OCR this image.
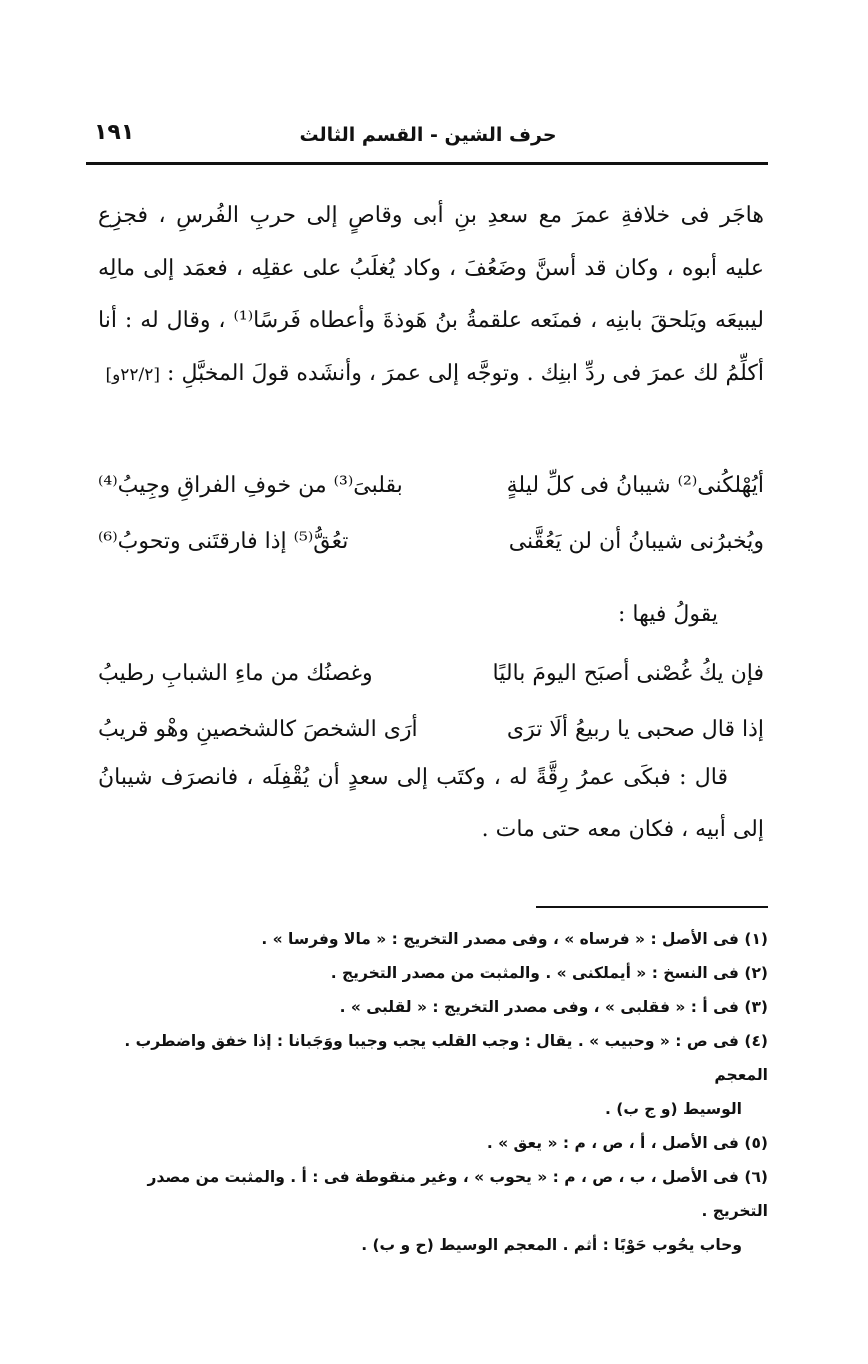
حرف الشين - القسم الثالث
١٩١

هاجَر فى خلافةِ عمرَ مع سعدِ بنِ أبى وقاصٍ إلى حربِ الفُرسِ ، فجزِع عليه أبوه ، وكان قد أسنَّ وضَعُفَ ، وكاد يُغلَبُ على عقلِه ، فعمَد إلى مالِه ليبيعَه ويَلحقَ بابنِه ، فمنَعه علقمةُ بنُ هَوذةَ وأعطاه فَرسًا⁽¹⁾ ، وقال له : أنا أكلِّمُ لك عمرَ فى ردِّ ابنِك . وتوجَّه إلى عمرَ ، وأنشَده قولَ المخبَّلِ : [٢٢/٢و]

أيُهْلكُنى⁽²⁾ شيبانُ فى كلِّ ليلةٍ
بقلبىَ⁽³⁾ من خوفِ الفراقِ وجِيبُ⁽⁴⁾
ويُخبرُنى شيبانُ أن لن يَعُقَّنى
تعُقُّ⁽⁵⁾ إذا فارقتَنى وتحوبُ⁽⁶⁾
يقولُ فيها :
فإن يكُ غُصْنى أصبَح اليومَ باليًا
وغصنُك من ماءِ الشبابِ رطيبُ
إذا قال صحبى يا ربيعُ ألَا ترَى
أرَى الشخصَ كالشخصينِ وهْو قريبُ

قال : فبكَى عمرُ رِقَّةً له ، وكتَب إلى سعدٍ أن يُقْفِلَه ، فانصرَف شيبانُ إلى أبيه ، فكان معه حتى مات .

(١) فى الأصل : « فرساه » ، وفى مصدر التخريج : « مالا وفرسا » .

(٢) فى النسخ : « أيملكنى » . والمثبت من مصدر التخريج .

(٣) فى أ : « فقلبى » ، وفى مصدر التخريج : « لقلبى » .

(٤) فى ص : « وحبيب » . يقال : وجب القلب يجب وجيبا ووَجَبانا : إذا خفق واضطرب . المعجم
الوسيط (و ج ب) .

(٥) فى الأصل ، أ ، ص ، م : « يعق » .

(٦) فى الأصل ، ب ، ص ، م : « يحوب » ، وغير منقوطة فى : أ . والمثبت من مصدر التخريج .
وحاب يحُوب حَوْبًا : أثم . المعجم الوسيط (ح و ب) .
